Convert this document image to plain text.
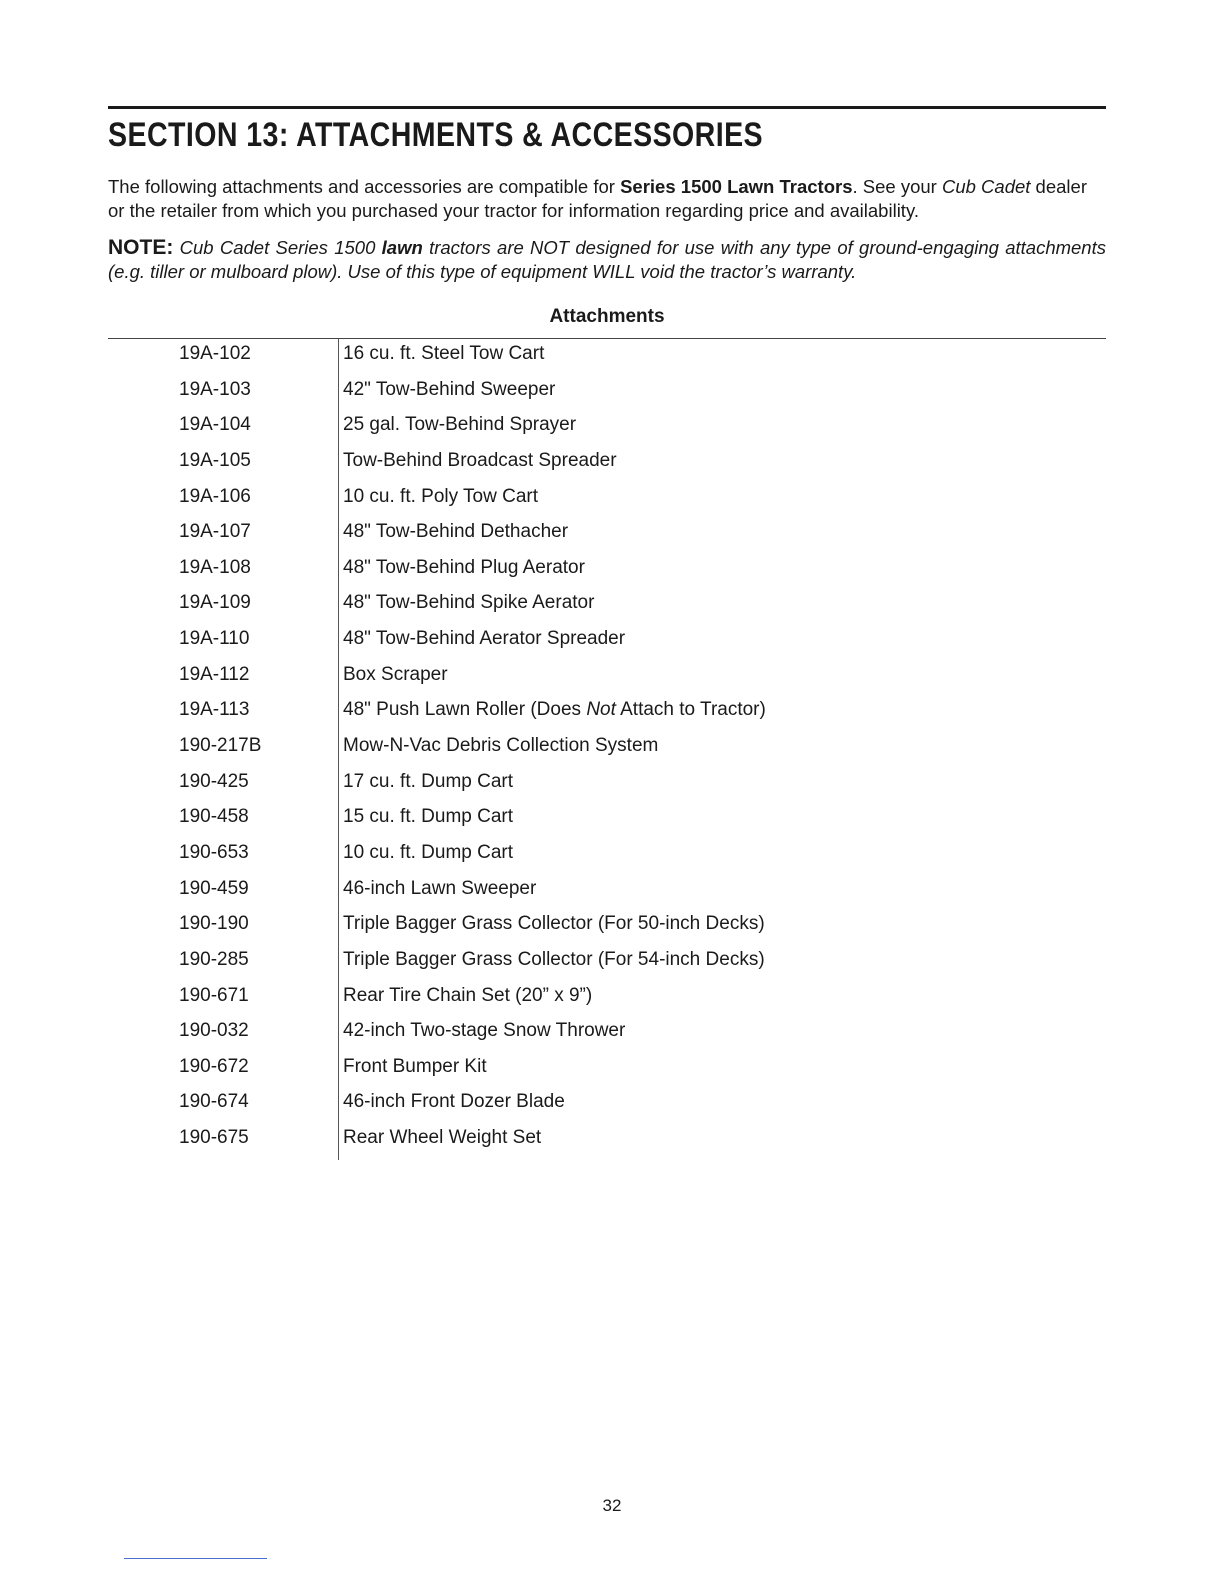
SECTION 13: ATTACHMENTS & ACCESSORIES

The following attachments and accessories are compatible for Series 1500 Lawn Tractors. See your Cub Cadet dealer or the retailer from which you purchased your tractor for information regarding price and availability.

NOTE: Cub Cadet Series 1500 lawn tractors are NOT designed for use with any type of ground-engaging attachments (e.g. tiller or mulboard plow). Use of this type of equipment WILL void the tractor’s warranty.

Attachments
19A-102	16 cu. ft. Steel Tow Cart
19A-103	42" Tow-Behind Sweeper
19A-104	25 gal. Tow-Behind Sprayer
19A-105	Tow-Behind Broadcast Spreader
19A-106	10 cu. ft. Poly Tow Cart
19A-107	48" Tow-Behind Dethacher
19A-108	48" Tow-Behind Plug Aerator
19A-109	48" Tow-Behind Spike Aerator
19A-110	48" Tow-Behind Aerator Spreader
19A-112	Box Scraper
19A-113	48" Push Lawn Roller (Does Not Attach to Tractor)
190-217B	Mow-N-Vac Debris Collection System
190-425	17 cu. ft. Dump Cart
190-458	15 cu. ft. Dump Cart
190-653	10 cu. ft. Dump Cart
190-459	46-inch Lawn Sweeper
190-190	Triple Bagger Grass Collector (For 50-inch Decks)
190-285	Triple Bagger Grass Collector (For 54-inch Decks)
190-671	Rear Tire Chain Set (20” x 9”)
190-032	42-inch Two-stage Snow Thrower
190-672	Front Bumper Kit
190-674	46-inch Front Dozer Blade
190-675	Rear Wheel Weight Set
32
